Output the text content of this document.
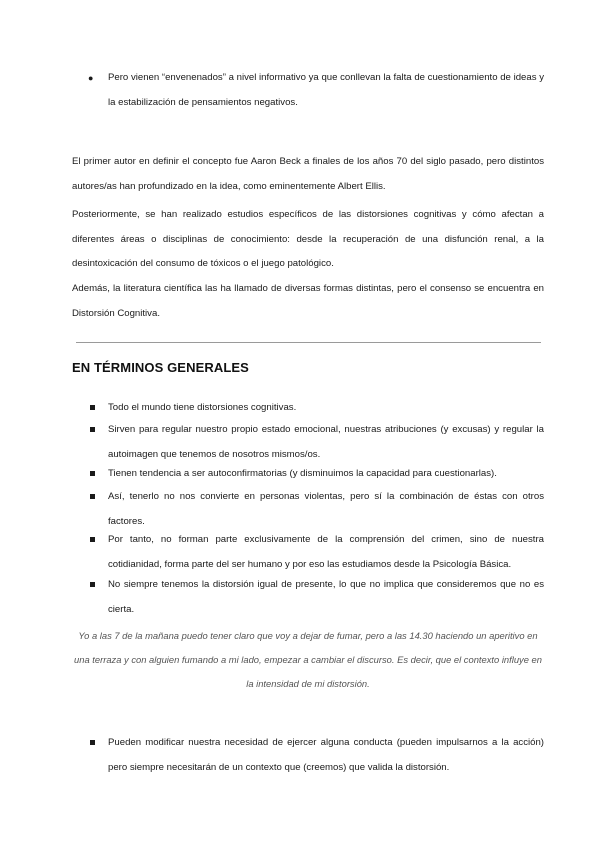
●	Pero vienen “envenenados” a nivel informativo ya que conllevan la falta de cuestionamiento de ideas y la estabilización de pensamientos negativos.

El primer autor en definir el concepto fue Aaron Beck a finales de los años 70 del siglo pasado, pero distintos autores/as han profundizado en la idea, como eminentemente Albert Ellis.

Posteriormente, se han realizado estudios específicos de las distorsiones cognitivas y cómo afectan a diferentes áreas o disciplinas de conocimiento: desde la recuperación de una disfunción renal, a la desintoxicación del consumo de tóxicos o el juego patológico.

Además, la literatura científica las ha llamado de diversas formas distintas, pero el consenso se encuentra en Distorsión Cognitiva.

EN TÉRMINOS GENERALES
Todo el mundo tiene distorsiones cognitivas.
Sirven para regular nuestro propio estado emocional, nuestras atribuciones (y excusas) y regular la autoimagen que tenemos de nosotros mismos/os.
Tienen tendencia a ser autoconfirmatorias (y disminuimos la capacidad para cuestionarlas).
Así, tenerlo no nos convierte en personas violentas, pero sí la combinación de éstas con otros factores.
Por tanto, no forman parte exclusivamente de la comprensión del crimen, sino de nuestra cotidianidad, forma parte del ser humano y por eso las estudiamos desde la Psicología Básica.
No siempre tenemos la distorsión igual de presente, lo que no implica que consideremos que no es cierta.
Yo a las 7 de la mañana puedo tener claro que voy a dejar de fumar, pero a las 14.30 haciendo un aperitivo en una terraza y con alguien fumando a mi lado, empezar a cambiar el discurso. Es decir, que el contexto influye en la intensidad de mi distorsión.
Pueden modificar nuestra necesidad de ejercer alguna conducta (pueden impulsarnos a la acción) pero siempre necesitarán de un contexto que (creemos) que valida la distorsión.
